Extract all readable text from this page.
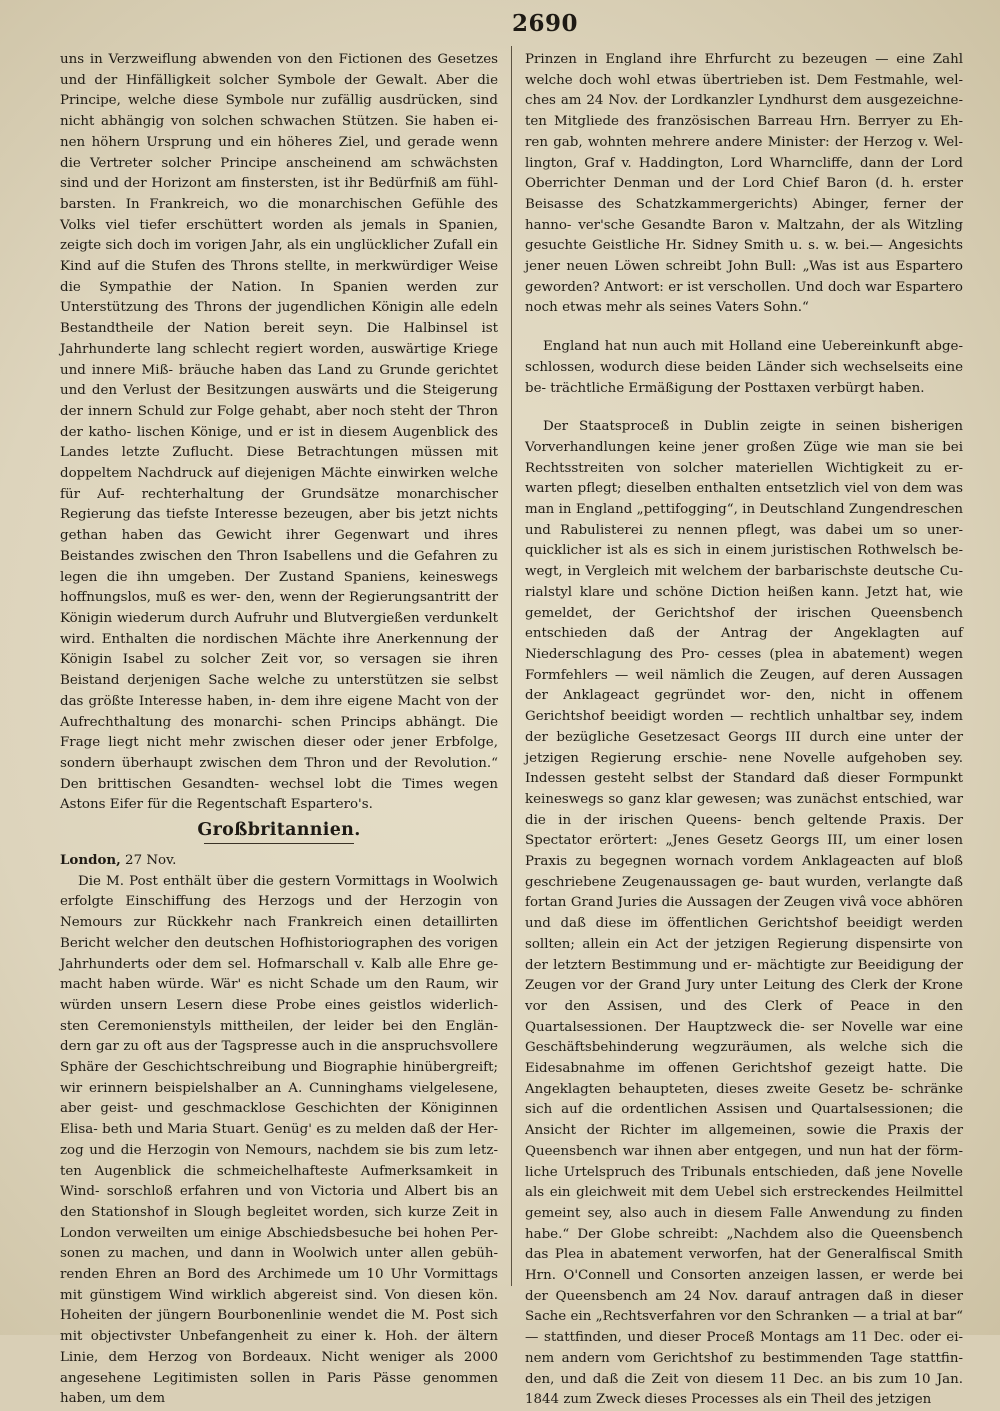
2690

uns in Verzweiflung abwenden von den Fictionen des Gesetzes und der Hinfälligkeit solcher Symbole der Gewalt. Aber die Principe, welche diese Symbole nur zufällig ausdrücken, sind nicht abhängig von solchen schwachen Stützen. Sie haben ei- nen höhern Ursprung und ein höheres Ziel, und gerade wenn die Vertreter solcher Principe anscheinend am schwächsten sind und der Horizont am finstersten, ist ihr Bedürfniß am fühl- barsten. In Frankreich, wo die monarchischen Gefühle des Volks viel tiefer erschüttert worden als jemals in Spanien, zeigte sich doch im vorigen Jahr, als ein unglücklicher Zufall ein Kind auf die Stufen des Throns stellte, in merkwürdiger Weise die Sympathie der Nation. In Spanien werden zur Unterstützung des Throns der jugendlichen Königin alle edeln Bestandtheile der Nation bereit seyn. Die Halbinsel ist Jahrhunderte lang schlecht regiert worden, auswärtige Kriege und innere Miß- bräuche haben das Land zu Grunde gerichtet und den Verlust der Besitzungen auswärts und die Steigerung der innern Schuld zur Folge gehabt, aber noch steht der Thron der katho- lischen Könige, und er ist in diesem Augenblick des Landes letzte Zuflucht. Diese Betrachtungen müssen mit doppeltem Nachdruck auf diejenigen Mächte einwirken welche für Auf- rechterhaltung der Grundsätze monarchischer Regierung das tiefste Interesse bezeugen, aber bis jetzt nichts gethan haben das Gewicht ihrer Gegenwart und ihres Beistandes zwischen den Thron Isabellens und die Gefahren zu legen die ihn umgeben. Der Zustand Spaniens, keineswegs hoffnungslos, muß es wer- den, wenn der Regierungsantritt der Königin wiederum durch Aufruhr und Blutvergießen verdunkelt wird. Enthalten die nordischen Mächte ihre Anerkennung der Königin Isabel zu solcher Zeit vor, so versagen sie ihren Beistand derjenigen Sache welche zu unterstützen sie selbst das größte Interesse haben, in- dem ihre eigene Macht von der Aufrechthaltung des monarchi- schen Princips abhängt. Die Frage liegt nicht mehr zwischen dieser oder jener Erbfolge, sondern überhaupt zwischen dem Thron und der Revolution.“ Den brittischen Gesandten- wechsel lobt die Times wegen Astons Eifer für die Regentschaft Espartero's.

Großbritannien.

London, 27 Nov.

Die M. Post enthält über die gestern Vormittags in Woolwich erfolgte Einschiffung des Herzogs und der Herzogin von Nemours zur Rückkehr nach Frankreich einen detaillirten Bericht welcher den deutschen Hofhistoriographen des vorigen Jahrhunderts oder dem sel. Hofmarschall v. Kalb alle Ehre ge- macht haben würde. Wär' es nicht Schade um den Raum, wir würden unsern Lesern diese Probe eines geistlos widerlich- sten Ceremonienstyls mittheilen, der leider bei den Englän- dern gar zu oft aus der Tagspresse auch in die anspruchsvollere Sphäre der Geschichtschreibung und Biographie hinübergreift; wir erinnern beispielshalber an A. Cunninghams vielgelesene, aber geist- und geschmacklose Geschichten der Königinnen Elisa- beth und Maria Stuart. Genüg' es zu melden daß der Her- zog und die Herzogin von Nemours, nachdem sie bis zum letz- ten Augenblick die schmeichelhafteste Aufmerksamkeit in Wind- sorschloß erfahren und von Victoria und Albert bis an den Stationshof in Slough begleitet worden, sich kurze Zeit in London verweilten um einige Abschiedsbesuche bei hohen Per- sonen zu machen, und dann in Woolwich unter allen gebüh- renden Ehren an Bord des Archimede um 10 Uhr Vormittags mit günstigem Wind wirklich abgereist sind. Von diesen kön. Hoheiten der jüngern Bourbonenlinie wendet die M. Post sich mit objectivster Unbefangenheit zu einer k. Hoh. der ältern Linie, dem Herzog von Bordeaux. Nicht weniger als 2000 angesehene Legitimisten sollen in Paris Pässe genommen haben, um dem

Prinzen in England ihre Ehrfurcht zu bezeugen — eine Zahl welche doch wohl etwas übertrieben ist. Dem Festmahle, wel- ches am 24 Nov. der Lordkanzler Lyndhurst dem ausgezeichne- ten Mitgliede des französischen Barreau Hrn. Berryer zu Eh- ren gab, wohnten mehrere andere Minister: der Herzog v. Wel- lington, Graf v. Haddington, Lord Wharncliffe, dann der Lord Oberrichter Denman und der Lord Chief Baron (d. h. erster Beisasse des Schatzkammergerichts) Abinger, ferner der hanno- ver'sche Gesandte Baron v. Maltzahn, der als Witzling gesuchte Geistliche Hr. Sidney Smith u. s. w. bei.— Angesichts jener neuen Löwen schreibt John Bull: „Was ist aus Espartero geworden? Antwort: er ist verschollen. Und doch war Espartero noch etwas mehr als seines Vaters Sohn.“

England hat nun auch mit Holland eine Uebereinkunft abge- schlossen, wodurch diese beiden Länder sich wechselseits eine be- trächtliche Ermäßigung der Posttaxen verbürgt haben.

Der Staatsproceß in Dublin zeigte in seinen bisherigen Vorverhandlungen keine jener großen Züge wie man sie bei Rechtsstreiten von solcher materiellen Wichtigkeit zu er- warten pflegt; dieselben enthalten entsetzlich viel von dem was man in England „pettifogging“, in Deutschland Zungendreschen und Rabulisterei zu nennen pflegt, was dabei um so uner- quicklicher ist als es sich in einem juristischen Rothwelsch be- wegt, in Vergleich mit welchem der barbarischste deutsche Cu- rialstyl klare und schöne Diction heißen kann. Jetzt hat, wie gemeldet, der Gerichtshof der irischen Queensbench entschieden daß der Antrag der Angeklagten auf Niederschlagung des Pro- cesses (plea in abatement) wegen Formfehlers — weil nämlich die Zeugen, auf deren Aussagen der Anklageact gegründet wor- den, nicht in offenem Gerichtshof beeidigt worden — rechtlich unhaltbar sey, indem der bezügliche Gesetzesact Georgs III durch eine unter der jetzigen Regierung erschie- nene Novelle aufgehoben sey. Indessen gesteht selbst der Standard daß dieser Formpunkt keineswegs so ganz klar gewesen; was zunächst entschied, war die in der irischen Queens- bench geltende Praxis. Der Spectator erörtert: „Jenes Gesetz Georgs III, um einer losen Praxis zu begegnen wornach vordem Anklageacten auf bloß geschriebene Zeugenaussagen ge- baut wurden, verlangte daß fortan Grand Juries die Aussagen der Zeugen vivâ voce abhören und daß diese im öffentlichen Gerichtshof beeidigt werden sollten; allein ein Act der jetzigen Regierung dispensirte von der letztern Bestimmung und er- mächtigte zur Beeidigung der Zeugen vor der Grand Jury unter Leitung des Clerk der Krone vor den Assisen, und des Clerk of Peace in den Quartalsessionen. Der Hauptzweck die- ser Novelle war eine Geschäftsbehinderung wegzuräumen, als welche sich die Eidesabnahme im offenen Gerichtshof gezeigt hatte. Die Angeklagten behaupteten, dieses zweite Gesetz be- schränke sich auf die ordentlichen Assisen und Quartalsessionen; die Ansicht der Richter im allgemeinen, sowie die Praxis der Queensbench war ihnen aber entgegen, und nun hat der förm- liche Urtelspruch des Tribunals entschieden, daß jene Novelle als ein gleichweit mit dem Uebel sich erstreckendes Heilmittel gemeint sey, also auch in diesem Falle Anwendung zu finden habe.“ Der Globe schreibt: „Nachdem also die Queensbench das Plea in abatement verworfen, hat der Generalfiscal Smith Hrn. O'Connell und Consorten anzeigen lassen, er werde bei der Queensbench am 24 Nov. darauf antragen daß in dieser Sache ein „Rechtsverfahren vor den Schranken — a trial at bar“ — stattfinden, und dieser Proceß Montags am 11 Dec. oder ei- nem andern vom Gerichtshof zu bestimmenden Tage stattfin- den, und daß die Zeit von diesem 11 Dec. an bis zum 10 Jan. 1844 zum Zweck dieses Processes als ein Theil des jetzigen
